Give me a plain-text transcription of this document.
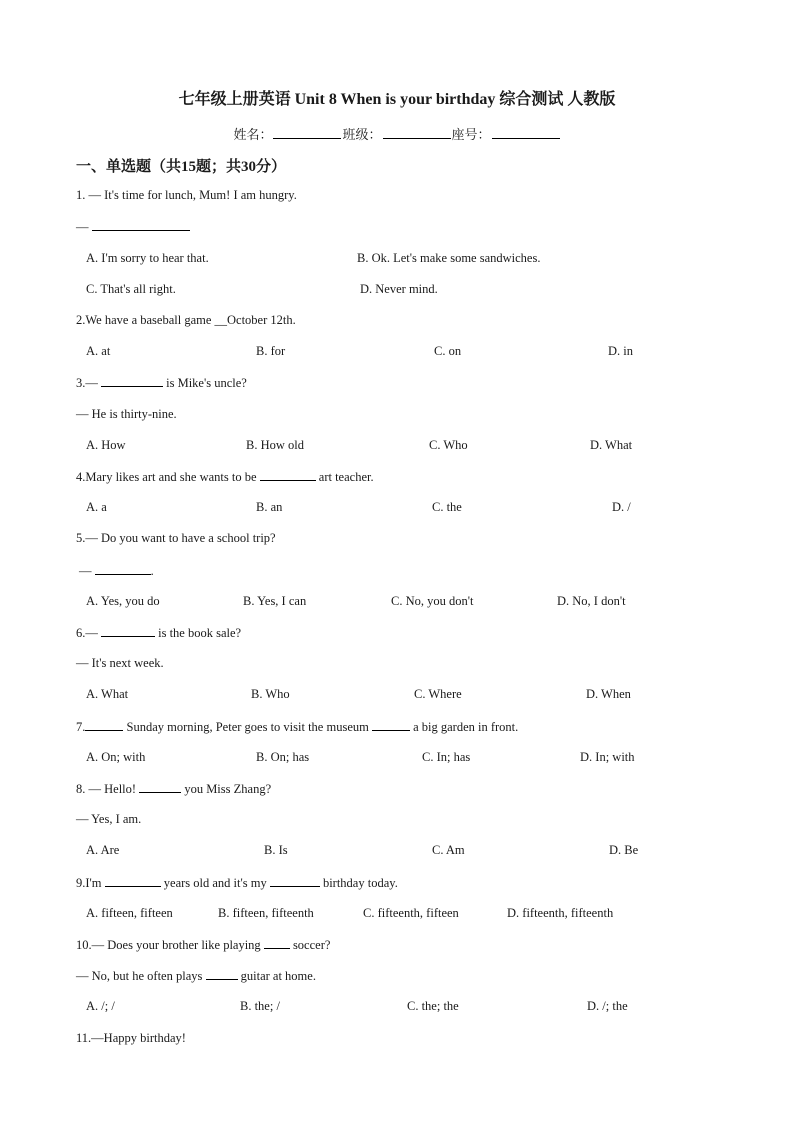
七年级上册英语 Unit 8 When is your birthday 综合测试 人教版
姓名：	班级：	座号：
一、单选题（共15题；共30分）
1. — It's time for lunch, Mum! I am hungry.
—
A. I'm sorry to hear that.	B. Ok. Let's make some sandwiches.
C. That's all right.	D. Never mind.
2.We have a baseball game __October 12th.
A. at	B. for	C. on	D. in
3.—	is Mike's uncle?
— He is thirty-nine.
A. How	B. How old	C. Who	D. What
4.Mary likes art and she wants to be	art teacher.
A. a	B. an	C. the	D. /
5.— Do you want to have a school trip?
—	.
A. Yes, you do	B. Yes, I can	C. No, you don't	D. No, I don't
6.—	is the book sale?
— It's next week.
A. What	B. Who	C. Where	D. When
7.	Sunday morning, Peter goes to visit the museum	a big garden in front.
A. On; with	B. On; has	C. In; has	D. In; with
8. — Hello!	you Miss Zhang?
— Yes, I am.
A. Are	B. Is	C. Am	D. Be
9.I'm	years old and it's my	birthday today.
A. fifteen, fifteen	B. fifteen, fifteenth	C. fifteenth, fifteen	D. fifteenth, fifteenth
10.— Does your brother like playing  soccer?
— No, but he often plays	guitar at home.
A. /; /	B. the; /	C. the; the	D. /; the
11.—Happy birthday!
